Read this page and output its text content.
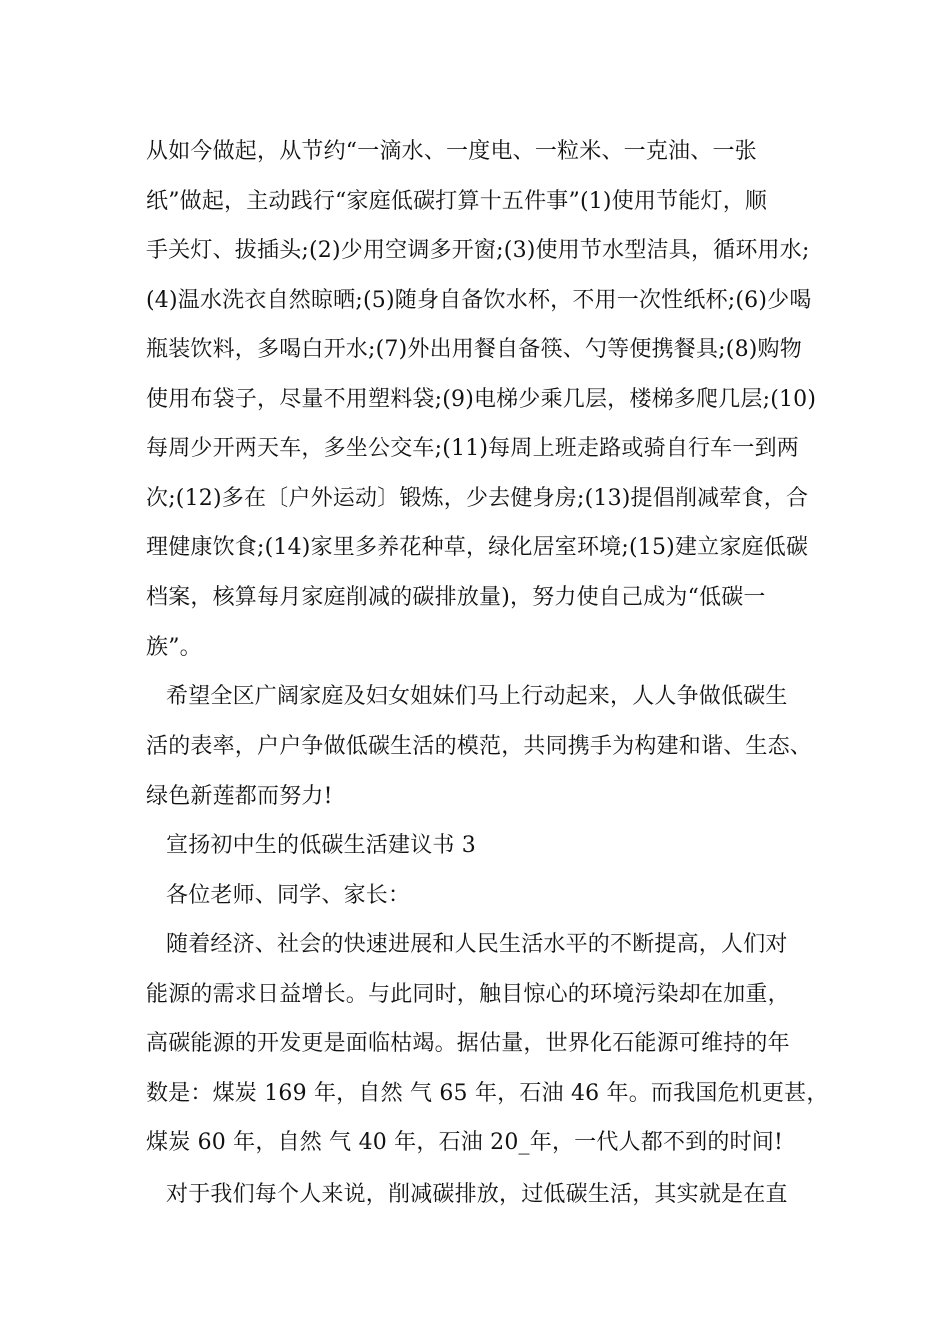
从如今做起，从节约“一滴水、一度电、一粒米、一克油、一张
纸”做起，主动践行“家庭低碳打算十五件事”(1)使用节能灯，顺
手关灯、拔插头;(2)少用空调多开窗;(3)使用节水型洁具，循环用水;
(4)温水洗衣自然晾晒;(5)随身自备饮水杯，不用一次性纸杯;(6)少喝
瓶装饮料，多喝白开水;(7)外出用餐自备筷、勺等便携餐具;(8)购物
使用布袋子，尽量不用塑料袋;(9)电梯少乘几层，楼梯多爬几层;(10)
每周少开两天车，多坐公交车;(11)每周上班走路或骑自行车一到两
次;(12)多在〔户外运动〕锻炼，少去健身房;(13)提倡削减荤食，合
理健康饮食;(14)家里多养花种草，绿化居室环境;(15)建立家庭低碳
档案，核算每月家庭削减的碳排放量)，努力使自己成为“低碳一
族”。
希望全区广阔家庭及妇女姐妹们马上行动起来，人人争做低碳生
活的表率，户户争做低碳生活的模范，共同携手为构建和谐、生态、
绿色新莲都而努力!
宣扬初中生的低碳生活建议书 3
各位老师、同学、家长：
随着经济、社会的快速进展和人民生活水平的不断提高，人们对
能源的需求日益增长。与此同时，触目惊心的环境污染却在加重，
高碳能源的开发更是面临枯竭。据估量，世界化石能源可维持的年
数是：煤炭 169 年，自然 气 65 年，石油 46 年。而我国危机更甚，
煤炭 60 年，自然 气 40 年，石油 20_年，一代人都不到的时间!
对于我们每个人来说，削减碳排放，过低碳生活，其实就是在直
